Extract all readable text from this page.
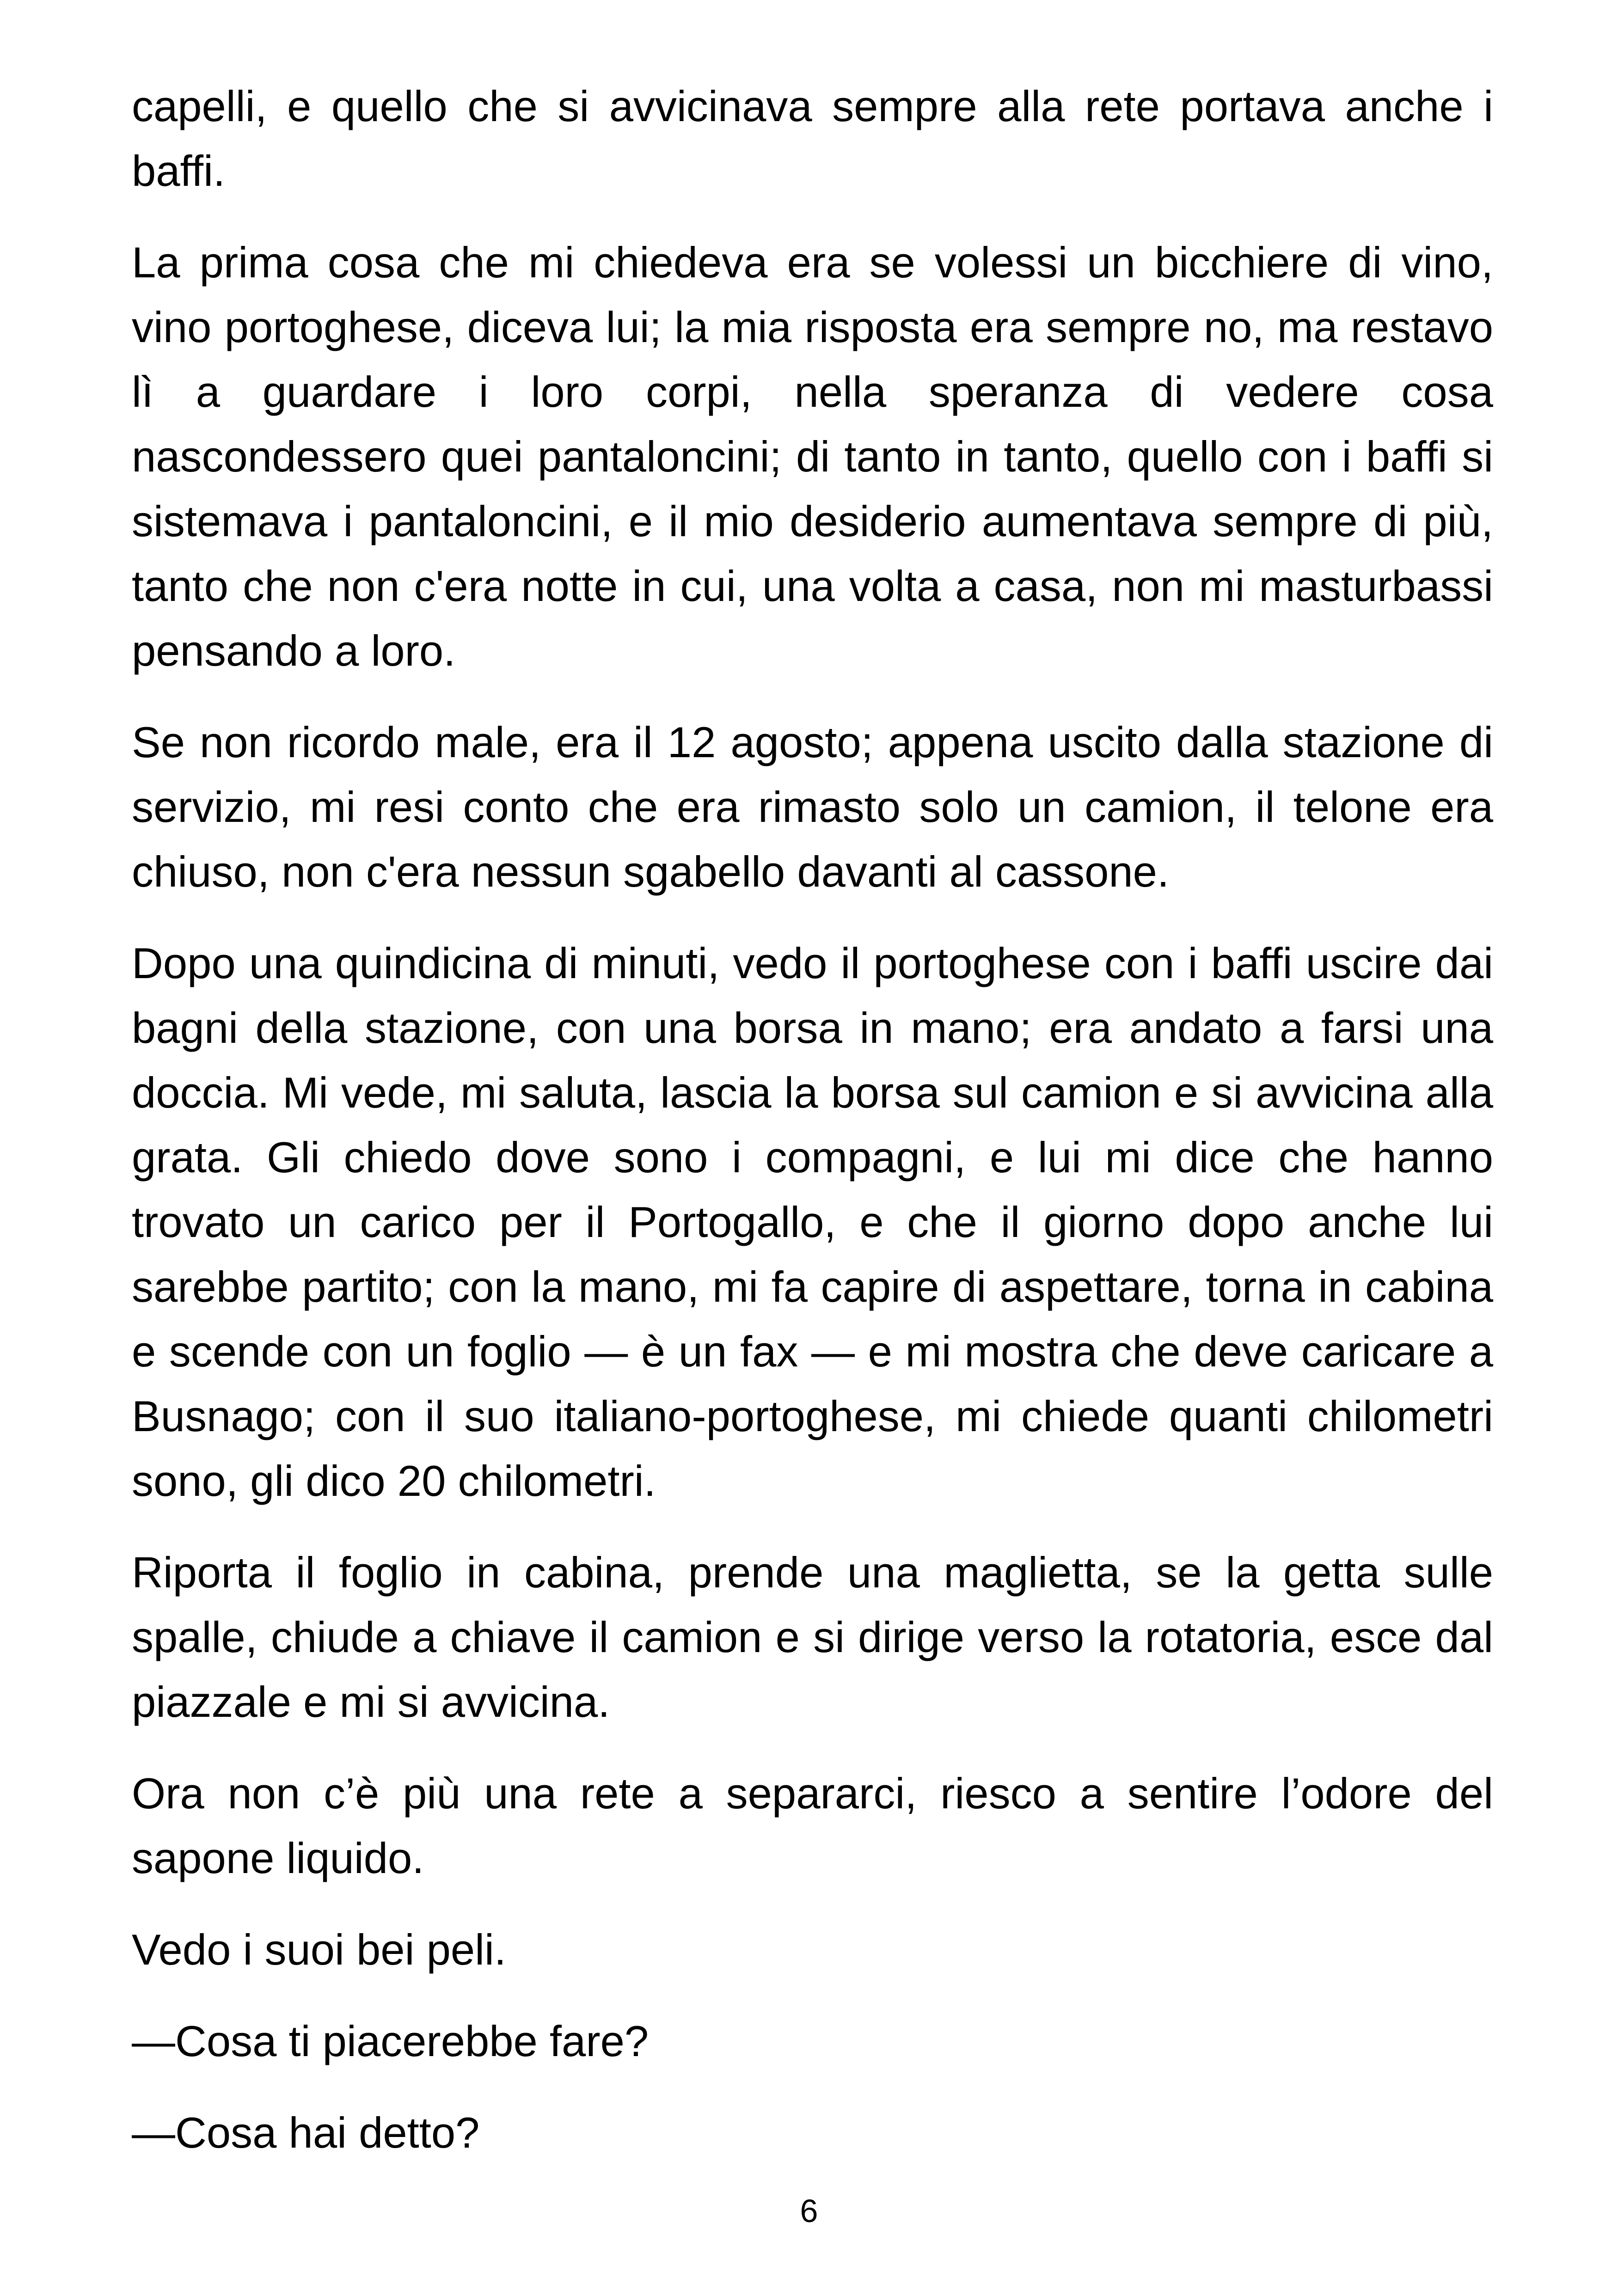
capelli, e quello che si avvicinava sempre alla rete portava anche i baffi.

La prima cosa che mi chiedeva era se volessi un bicchiere di vino, vino portoghese, diceva lui; la mia risposta era sempre no, ma restavo lì a guardare i loro corpi, nella speranza di vedere cosa nascondessero quei pantaloncini; di tanto in tanto, quello con i baffi si sistemava i pantaloncini, e il mio desiderio aumentava sempre di più, tanto che non c'era notte in cui, una volta a casa, non mi masturbassi pensando a loro.

Se non ricordo male, era il 12 agosto; appena uscito dalla stazione di servizio, mi resi conto che era rimasto solo un camion, il telone era chiuso, non c'era nessun sgabello davanti al cassone.

Dopo una quindicina di minuti, vedo il portoghese con i baffi uscire dai bagni della stazione, con una borsa in mano; era andato a farsi una doccia. Mi vede, mi saluta, lascia la borsa sul camion e si avvicina alla grata. Gli chiedo dove sono i compagni, e lui mi dice che hanno trovato un carico per il Portogallo, e che il giorno dopo anche lui sarebbe partito; con la mano, mi fa capire di aspettare, torna in cabina e scende con un foglio — è un fax — e mi mostra che deve caricare a Busnago; con il suo italiano-portoghese, mi chiede quanti chilometri sono, gli dico 20 chilometri.

Riporta il foglio in cabina, prende una maglietta, se la getta sulle spalle, chiude a chiave il camion e si dirige verso la rotatoria, esce dal piazzale e mi si avvicina.

Ora non c’è più una rete a separarci, riesco a sentire l’odore del sapone liquido.

Vedo i suoi bei peli.

—Cosa ti piacerebbe fare?

—Cosa hai detto?

6
